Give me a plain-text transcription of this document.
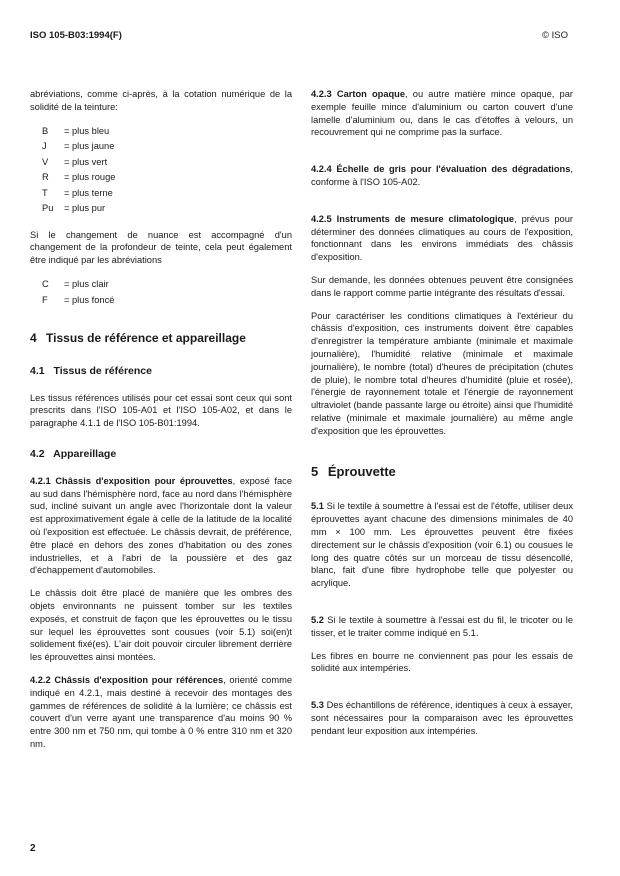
ISO 105-B03:1994(F)	© ISO

abréviations, comme ci-après, à la cotation numérique de la solidité de la teinture:

B	= plus bleu
J	= plus jaune
V	= plus vert
R	= plus rouge
T	= plus terne
Pu	= plus pur

Si le changement de nuance est accompagné d'un changement de la profondeur de teinte, cela peut également être indiqué par les abréviations

C	= plus clair
F	= plus foncé
4 Tissus de référence et appareillage
4.1 Tissus de référence

Les tissus références utilisés pour cet essai sont ceux qui sont prescrits dans l'ISO 105-A01 et l'ISO 105-A02, et dans le paragraphe 4.1.1 de l'ISO 105-B01:1994.

4.2 Appareillage

4.2.1 Châssis d'exposition pour éprouvettes, exposé face au sud dans l'hémisphère nord, face au nord dans l'hémisphère sud, incliné suivant un angle avec l'horizontale dont la valeur est approximativement égale à celle de la latitude de la localité où l'exposition est effectuée. Le châssis devrait, de préférence, être placé en dehors des zones d'habitation ou des zones industrielles, et à l'abri de la poussière et des gaz d'échappement d'automobiles.

Le châssis doit être placé de manière que les ombres des objets environnants ne puissent tomber sur les textiles exposés, et construit de façon que les éprouvettes ou le tissu sur lequel les éprouvettes sont cousues (voir 5.1) soi(en)t solidement fixé(es). L'air doit pouvoir circuler librement derrière les éprouvettes ainsi montées.

4.2.2 Châssis d'exposition pour références, orienté comme indiqué en 4.2.1, mais destiné à recevoir des montages des gammes de références de solidité à la lumière; ce châssis est couvert d'un verre ayant une transparence d'au moins 90 % entre 300 nm et 750 nm, qui tombe à 0 % entre 310 nm et 320 nm.

4.2.3 Carton opaque, ou autre matière mince opaque, par exemple feuille mince d'aluminium ou carton couvert d'une lamelle d'aluminium ou, dans le cas d'étoffes à velours, un recouvrement qui ne comprime pas la surface.

4.2.4 Échelle de gris pour l'évaluation des dégradations, conforme à l'ISO 105-A02.

4.2.5 Instruments de mesure climatologique, prévus pour déterminer des données climatiques au cours de l'exposition, fonctionnant dans les environs immédiats des châssis d'exposition.

Sur demande, les données obtenues peuvent être consignées dans le rapport comme partie intégrante des résultats d'essai.

Pour caractériser les conditions climatiques à l'extérieur du châssis d'exposition, ces instruments doivent être capables d'enregistrer la température ambiante (minimale et maximale journalière), l'humidité relative (minimale et maximale journalière), le nombre (total) d'heures de précipitation (chutes de pluie), le nombre total d'heures d'humidité (pluie et rosée), l'énergie de rayonnement totale et l'énergie de rayonnement ultraviolet (bande passante large ou étroite) ainsi que l'humidité relative (minimale et maximale journalière) au même angle d'exposition que les éprouvettes.

5 Éprouvette

5.1 Si le textile à soumettre à l'essai est de l'étoffe, utiliser deux éprouvettes ayant chacune des dimensions minimales de 40 mm × 100 mm. Les éprouvettes peuvent être fixées directement sur le châssis d'exposition (voir 6.1) ou cousues le long des quatre côtés sur un morceau de tissu désencollé, blanc, fait d'une fibre hydrophobe telle que polyester ou acrylique.

5.2 Si le textile à soumettre à l'essai est du fil, le tricoter ou le tisser, et le traiter comme indiqué en 5.1.

Les fibres en bourre ne conviennent pas pour les essais de solidité aux intempéries.

5.3 Des échantillons de référence, identiques à ceux à essayer, sont nécessaires pour la comparaison avec les éprouvettes pendant leur exposition aux intempéries.

2
